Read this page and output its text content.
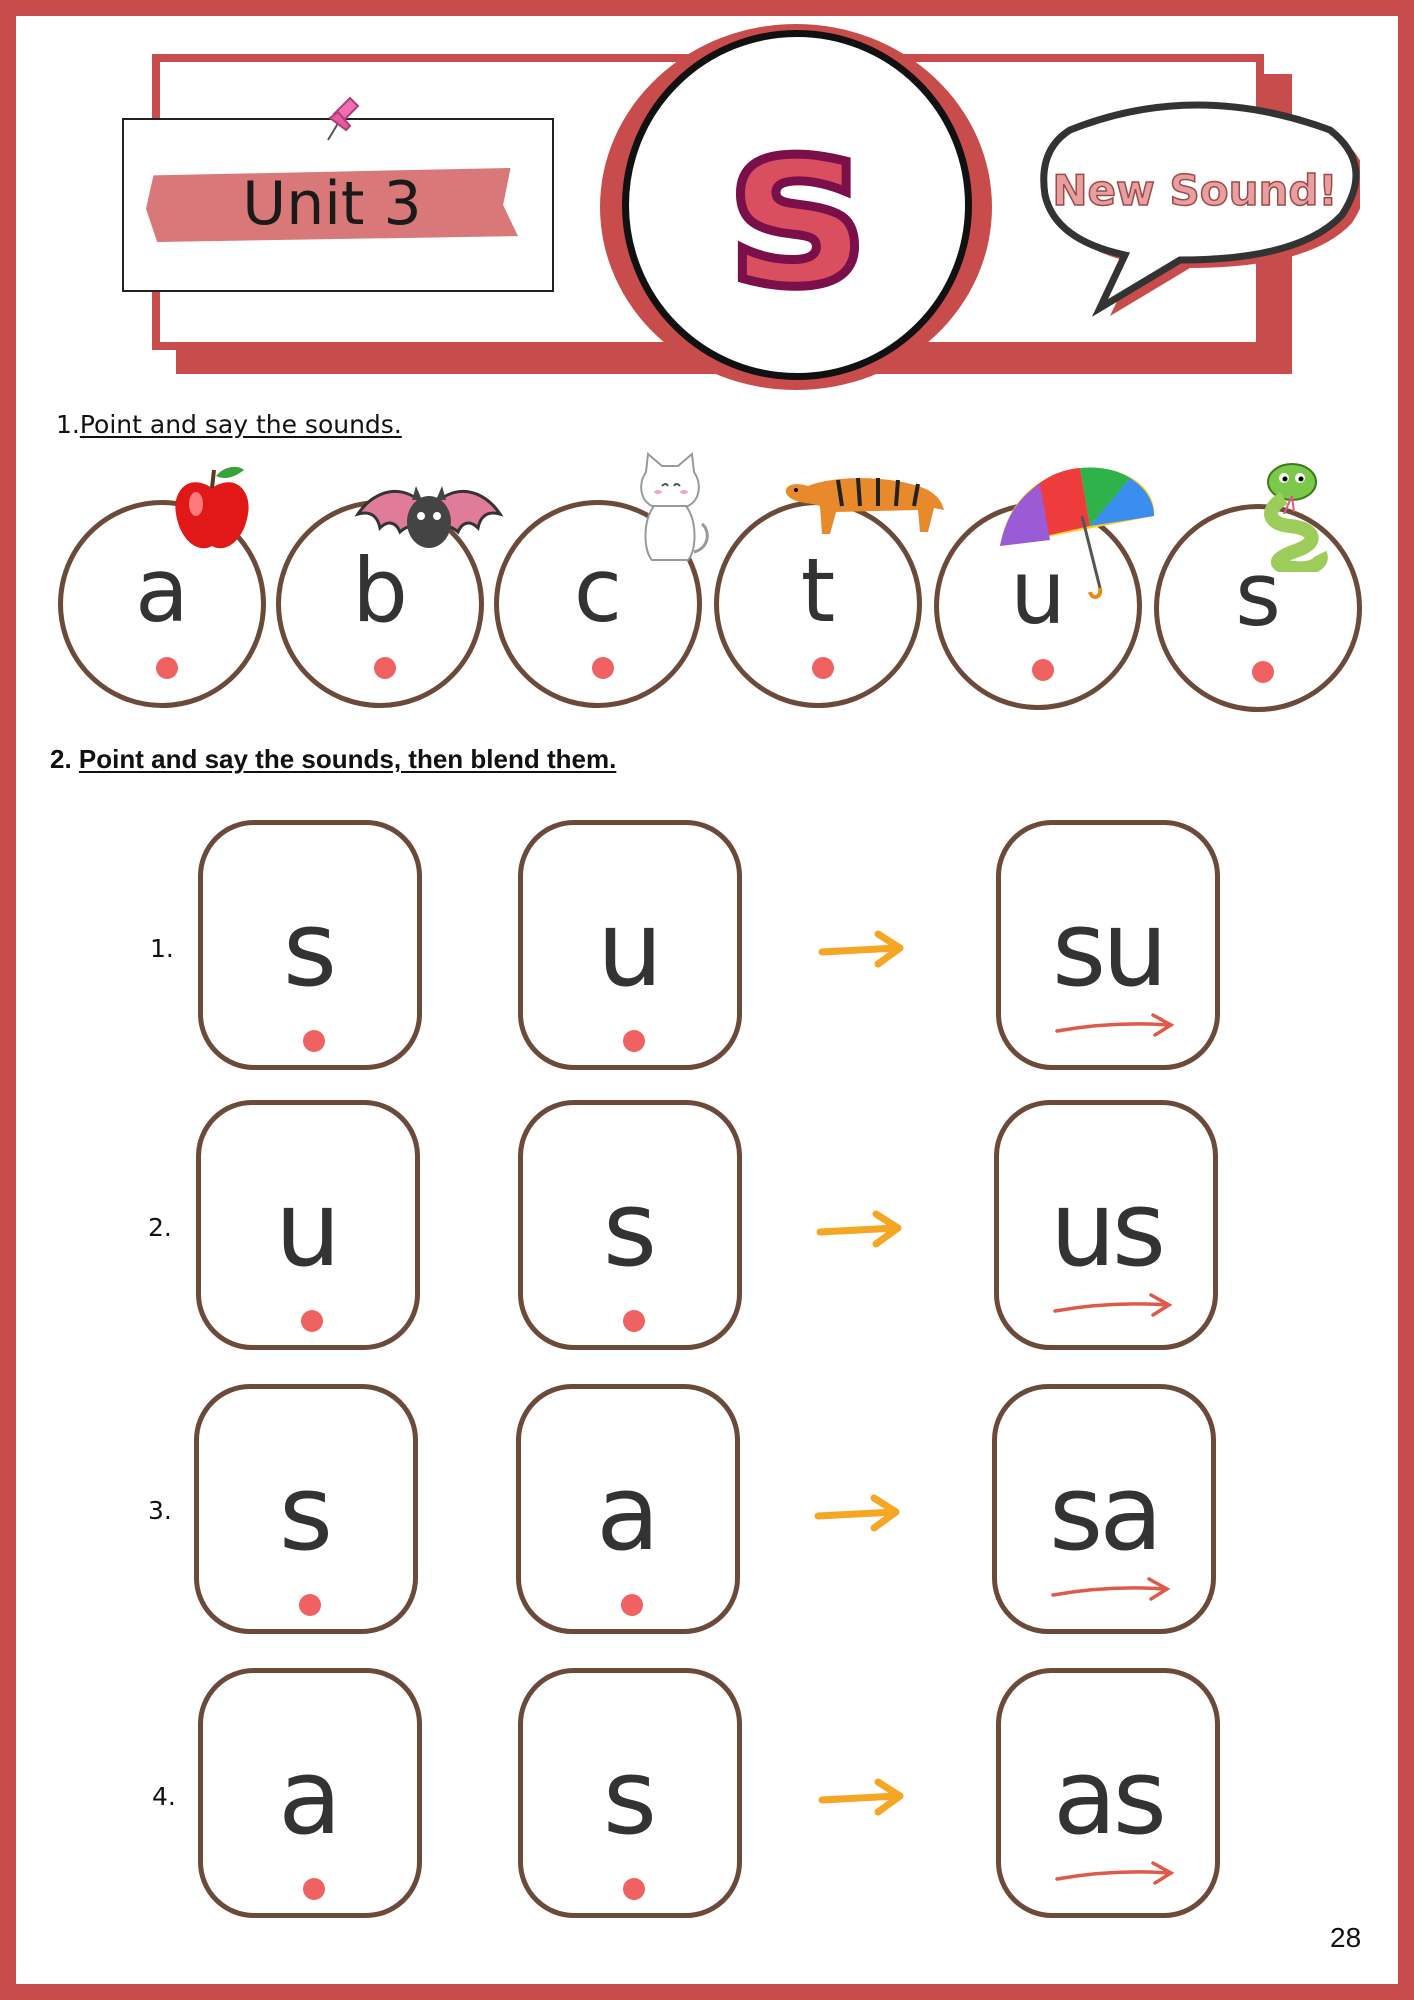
Unit 3	s	New Sound!
1.Point and say the sounds.
a	b	c	t	u	s
2. Point and say the sounds, then blend them.
1.	s	u	su
2. u	s	us
3.	s	a	sa
4. a	s	as
28
